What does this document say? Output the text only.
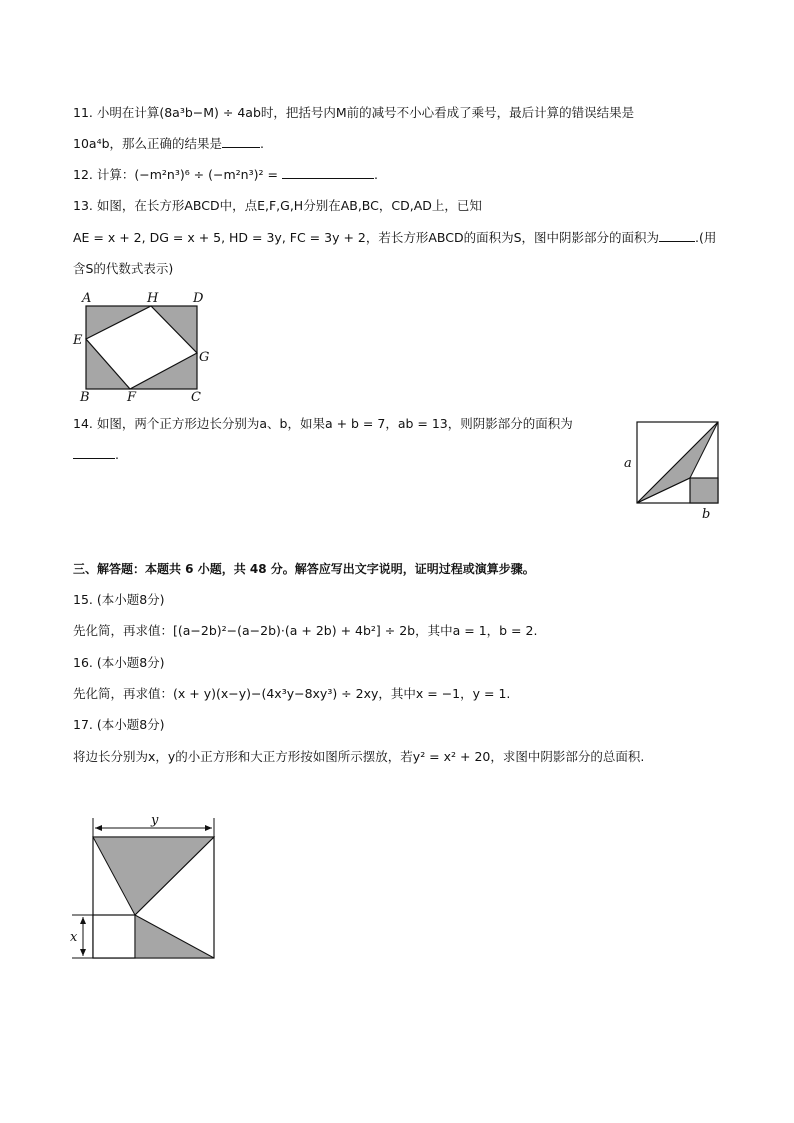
11. 小明在计算(8a³b−M) ÷ 4ab时，把括号内M前的减号不小心看成了乘号，最后计算的错误结果是
10a⁴b，那么正确的结果是	.
12. 计算：(−m²n³)⁶ ÷ (−m²n³)² =	.
13. 如图，在长方形ABCD中，点E,F,G,H分别在AB,BC，CD,AD上，已知
AE = x + 2, DG = x + 5, HD = 3y, FC = 3y + 2，若长方形ABCD的面积为S，图中阴影部分的面积为	.(用
含S的代数式表示)
A	H	D
E
G
B	F	C
14. 如图，两个正方形边长分别为a、b，如果a + b = 7，ab = 13，则阴影部分的面积为
.
a
b
三、解答题：本题共 6 小题，共 48 分。解答应写出文字说明，证明过程或演算步骤。
15. (本小题8分)
先化简，再求值：[(a−2b)²−(a−2b)·(a + 2b) + 4b²] ÷ 2b，其中a = 1，b = 2.
16. (本小题8分)
先化简，再求值：(x + y)(x−y)−(4x³y−8xy³) ÷ 2xy，其中x = −1，y = 1.
17. (本小题8分)
将边长分别为x，y的小正方形和大正方形按如图所示摆放，若y² = x² + 20，求图中阴影部分的总面积.
y
x
